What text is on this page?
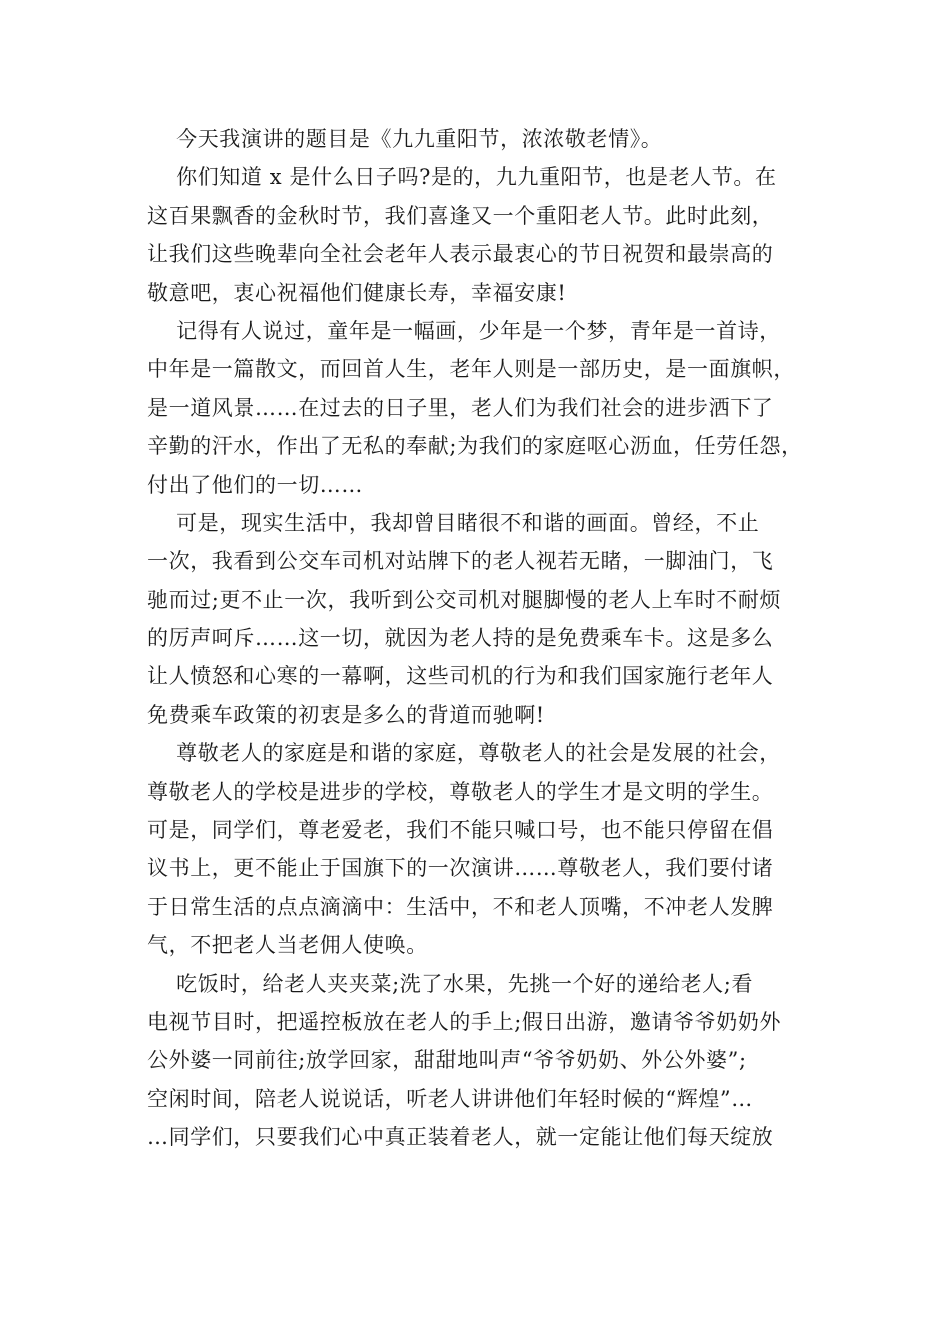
今天我演讲的题目是《九九重阳节，浓浓敬老情》。
你们知道 x 是什么日子吗?是的，九九重阳节，也是老人节。在
这百果飘香的金秋时节，我们喜逢又一个重阳老人节。此时此刻，
让我们这些晚辈向全社会老年人表示最衷心的节日祝贺和最崇高的
敬意吧，衷心祝福他们健康长寿，幸福安康!
记得有人说过，童年是一幅画，少年是一个梦，青年是一首诗，
中年是一篇散文，而回首人生，老年人则是一部历史，是一面旗帜，
是一道风景……在过去的日子里，老人们为我们社会的进步洒下了
辛勤的汗水，作出了无私的奉献;为我们的家庭呕心沥血，任劳任怨，
付出了他们的一切……
可是，现实生活中，我却曾目睹很不和谐的画面。曾经，不止
一次，我看到公交车司机对站牌下的老人视若无睹，一脚油门，飞
驰而过;更不止一次，我听到公交司机对腿脚慢的老人上车时不耐烦
的厉声呵斥……这一切，就因为老人持的是免费乘车卡。这是多么
让人愤怒和心寒的一幕啊，这些司机的行为和我们国家施行老年人
免费乘车政策的初衷是多么的背道而驰啊!
尊敬老人的家庭是和谐的家庭，尊敬老人的社会是发展的社会，
尊敬老人的学校是进步的学校，尊敬老人的学生才是文明的学生。
可是，同学们，尊老爱老，我们不能只喊口号，也不能只停留在倡
议书上，更不能止于国旗下的一次演讲……尊敬老人，我们要付诸
于日常生活的点点滴滴中：生活中，不和老人顶嘴，不冲老人发脾
气，不把老人当老佣人使唤。
吃饭时，给老人夹夹菜;洗了水果，先挑一个好的递给老人;看
电视节目时，把遥控板放在老人的手上;假日出游，邀请爷爷奶奶外
公外婆一同前往;放学回家，甜甜地叫声“爷爷奶奶、外公外婆”;
空闲时间，陪老人说说话，听老人讲讲他们年轻时候的“辉煌”…
…同学们，只要我们心中真正装着老人，就一定能让他们每天绽放
